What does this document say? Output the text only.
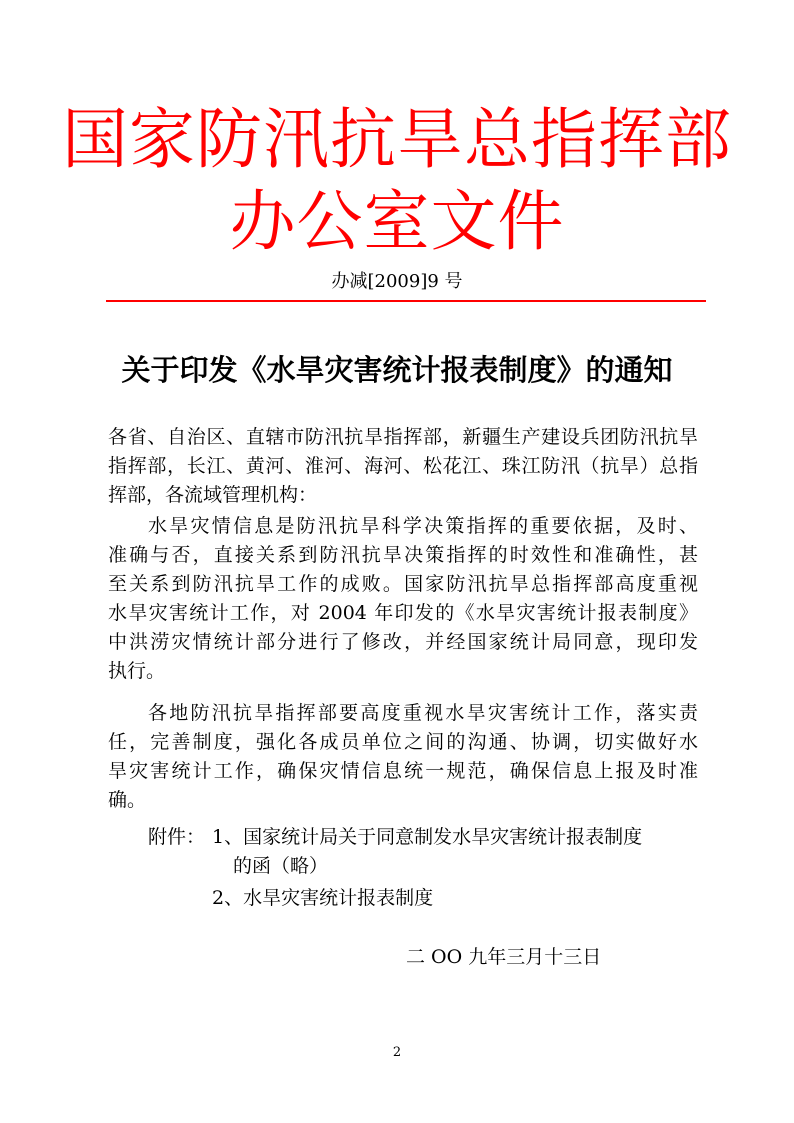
国家防汛抗旱总指挥部
办公室文件
办减[2009]9 号
关于印发《水旱灾害统计报表制度》的通知
各省、自治区、直辖市防汛抗旱指挥部，新疆生产建设兵团防汛抗旱
指挥部，长江、黄河、淮河、海河、松花江、珠江防汛（抗旱）总指
挥部，各流域管理机构：
水旱灾情信息是防汛抗旱科学决策指挥的重要依据，及时、
准确与否，直接关系到防汛抗旱决策指挥的时效性和准确性，甚
至关系到防汛抗旱工作的成败。国家防汛抗旱总指挥部高度重视
水旱灾害统计工作，对 2004 年印发的《水旱灾害统计报表制度》
中洪涝灾情统计部分进行了修改，并经国家统计局同意，现印发
执行。
各地防汛抗旱指挥部要高度重视水旱灾害统计工作，落实责
任，完善制度，强化各成员单位之间的沟通、协调，切实做好水
旱灾害统计工作，确保灾情信息统一规范，确保信息上报及时准
确。
附件： 1、国家统计局关于同意制发水旱灾害统计报表制度
的函（略）
2、水旱灾害统计报表制度
二 OO 九年三月十三日
2
